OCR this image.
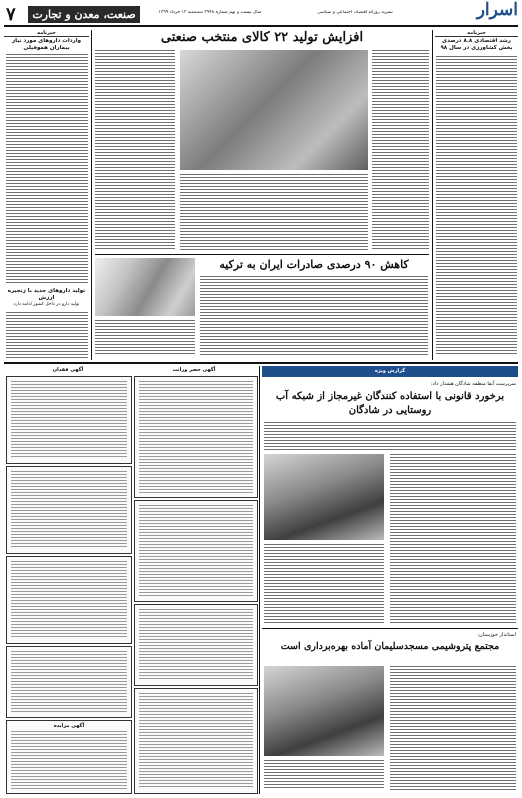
۷	صنعت، معدن و تجارت	سال بیست و نهم شماره ۳۹۴۸ سه‌شنبه ۱۳ خرداد ۱۳۹۹	نشریه روزانه اقتصاد، اجتماعی و سیاسی	اسرار
خبرنامه
واردات داروهای مورد نیاز بیماران هموفیلی
تولید داروهای جدید با زنجیره ارزش
تولید دارو در داخل کشور ادامه دارد
خبرنامه
رشد اقتصادی ۸.۸ درصدی بخش کشاورزی در سال ۹۸
افزایش تولید ۲۲ کالای منتخب صنعتی
کاهش ۹۰ درصدی صادرات ایران به ترکیه
آگهی فقدان	آگهی حصر وراثت
آگهی مزایده
گزارش ویژه
سرپرست آبفا منطقه شادگان هشدار داد:
برخورد قانونی با استفاده کنندگان غیرمجاز از شبکه آب روستایی در شادگان
استاندار خوزستان:
مجتمع پتروشیمی مسجدسلیمان آماده بهره‌برداری است
